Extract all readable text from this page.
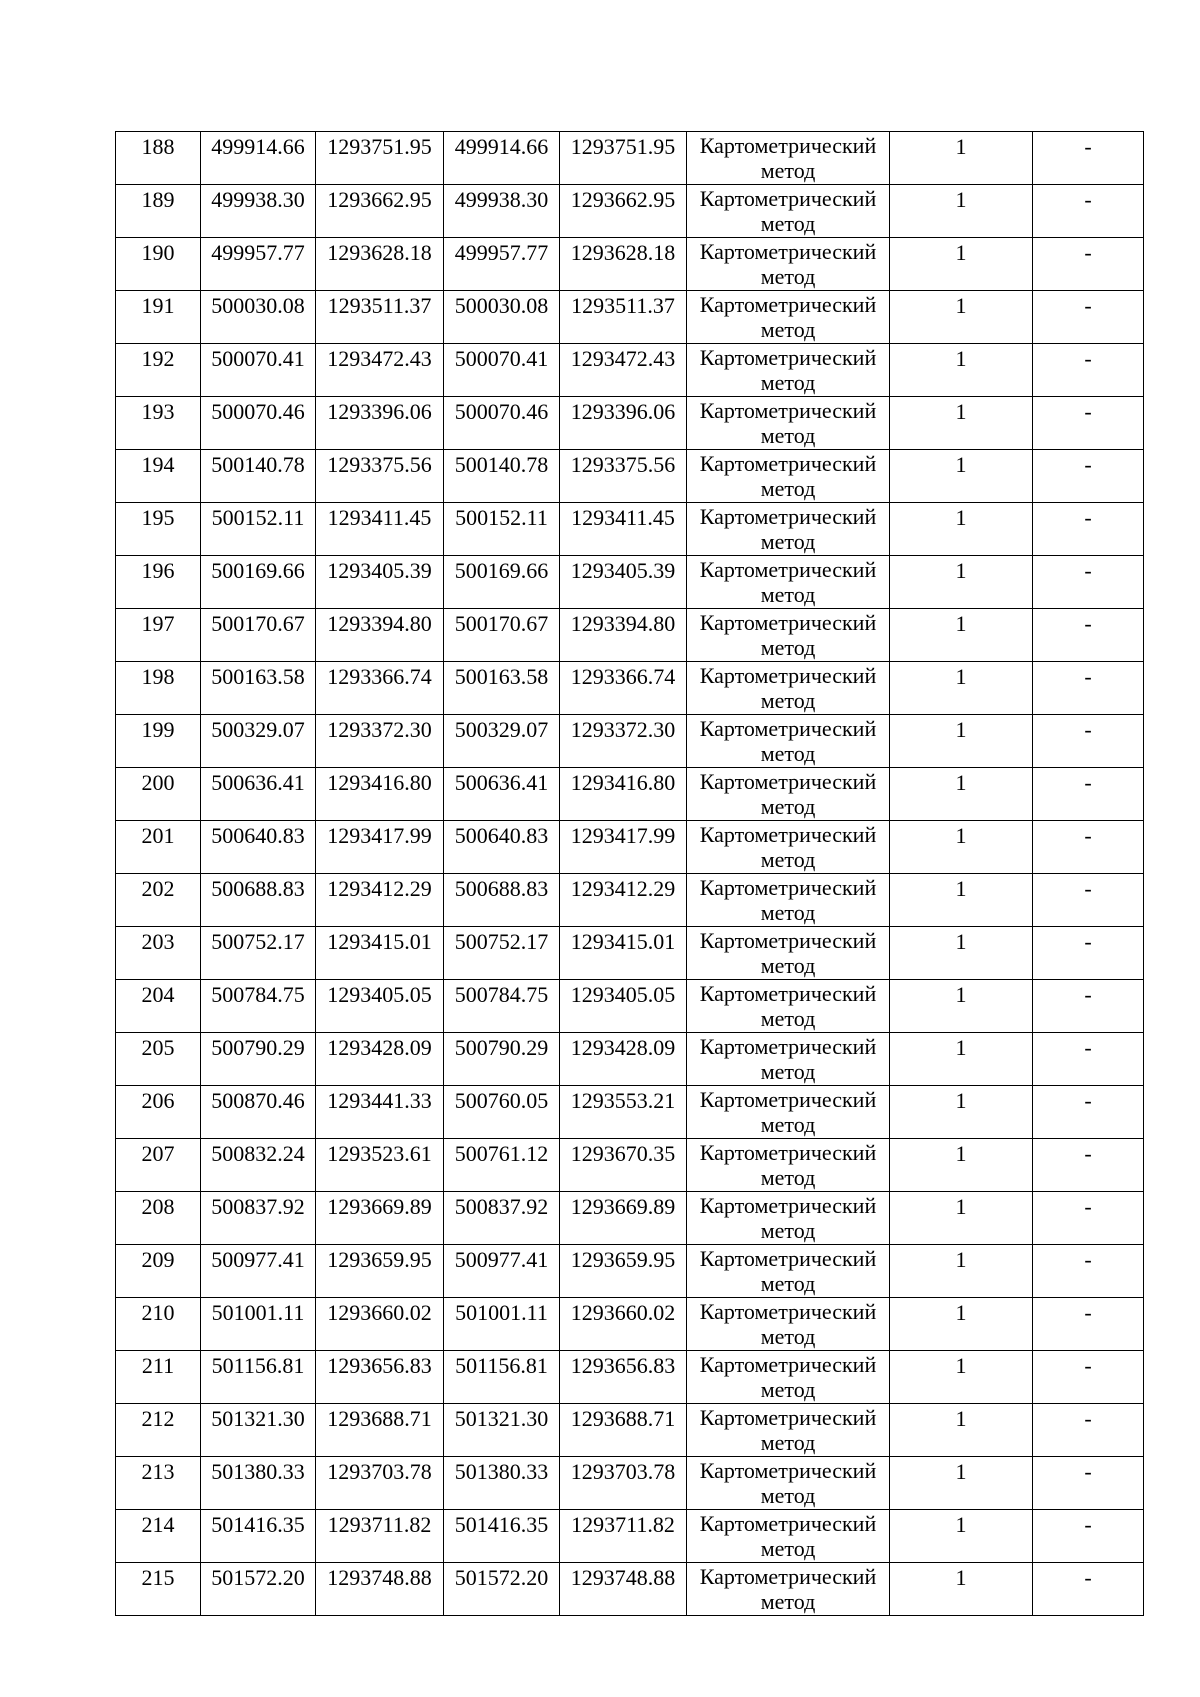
188	499914.66	1293751.95	499914.66	1293751.95	Картометрический метод	1	-
189	499938.30	1293662.95	499938.30	1293662.95	Картометрический метод	1	-
190	499957.77	1293628.18	499957.77	1293628.18	Картометрический метод	1	-
191	500030.08	1293511.37	500030.08	1293511.37	Картометрический метод	1	-
192	500070.41	1293472.43	500070.41	1293472.43	Картометрический метод	1	-
193	500070.46	1293396.06	500070.46	1293396.06	Картометрический метод	1	-
194	500140.78	1293375.56	500140.78	1293375.56	Картометрический метод	1	-
195	500152.11	1293411.45	500152.11	1293411.45	Картометрический метод	1	-
196	500169.66	1293405.39	500169.66	1293405.39	Картометрический метод	1	-
197	500170.67	1293394.80	500170.67	1293394.80	Картометрический метод	1	-
198	500163.58	1293366.74	500163.58	1293366.74	Картометрический метод	1	-
199	500329.07	1293372.30	500329.07	1293372.30	Картометрический метод	1	-
200	500636.41	1293416.80	500636.41	1293416.80	Картометрический метод	1	-
201	500640.83	1293417.99	500640.83	1293417.99	Картометрический метод	1	-
202	500688.83	1293412.29	500688.83	1293412.29	Картометрический метод	1	-
203	500752.17	1293415.01	500752.17	1293415.01	Картометрический метод	1	-
204	500784.75	1293405.05	500784.75	1293405.05	Картометрический метод	1	-
205	500790.29	1293428.09	500790.29	1293428.09	Картометрический метод	1	-
206	500870.46	1293441.33	500760.05	1293553.21	Картометрический метод	1	-
207	500832.24	1293523.61	500761.12	1293670.35	Картометрический метод	1	-
208	500837.92	1293669.89	500837.92	1293669.89	Картометрический метод	1	-
209	500977.41	1293659.95	500977.41	1293659.95	Картометрический метод	1	-
210	501001.11	1293660.02	501001.11	1293660.02	Картометрический метод	1	-
211	501156.81	1293656.83	501156.81	1293656.83	Картометрический метод	1	-
212	501321.30	1293688.71	501321.30	1293688.71	Картометрический метод	1	-
213	501380.33	1293703.78	501380.33	1293703.78	Картометрический метод	1	-
214	501416.35	1293711.82	501416.35	1293711.82	Картометрический метод	1	-
215	501572.20	1293748.88	501572.20	1293748.88	Картометрический метод	1	-
